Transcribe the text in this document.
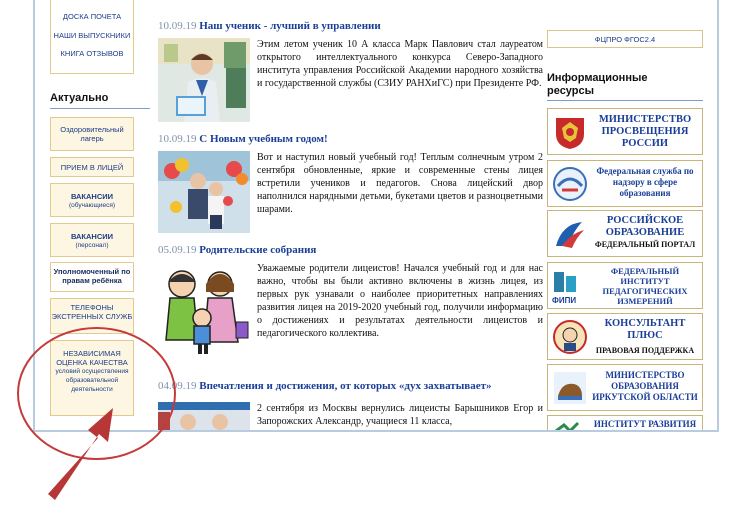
ДОСКА ПОЧЕТА
НАШИ ВЫПУСКНИКИ
КНИГА ОТЗЫВОВ
Актуально
Оздоровительный лагерь
ПРИЕМ В ЛИЦЕЙ
ВАКАНСИИ
(обучающиеся)
ВАКАНСИИ
(персонал)
Уполномоченный по правам ребёнка
ТЕЛЕФОНЫ ЭКСТРЕННЫХ СЛУЖБ
НЕЗАВИСИМАЯ ОЦЕНКА КАЧЕСТВА
условий осуществления образовательной деятельности
10.09.19 Наш ученик - лучший в управлении
Этим летом ученик 10 А класса Марк Павлович стал лауреатом открытого интеллектуального конкурса Северо-Западного института управления Российской Академии народного хозяйства и государственной службы (СЗИУ РАНХиГС) при Президенте РФ.
10.09.19 С Новым учебным годом!
Вот и наступил новый учебный год! Теплым солнечным утром 2 сентября обновленные, яркие и современные стены лицея встретили учеников и педагогов. Снова лицейский двор наполнился нарядными детьми, букетами цветов и разноцветными шарами.
05.09.19 Родительские собрания
Уважаемые родители лицеистов! Начался учебный год и для нас важно, чтобы вы были активно включены в жизнь лицея, из первых рук узнавали о наиболее приоритетных направлениях развития лицея на 2019-2020 учебный год, получили информацию о достижениях и результатах деятельности лицеистов и педагогического коллектива.
04.09.19 Впечатления и достижения, от которых «дух захватывает»
2 сентября из Москвы вернулись лицеисты Барышников Егор и Запорожских Александр, учащиеся 11 класса,
ФЦПРО ФГОС2.4
Информационные ресурсы
МИНИСТЕРСТВО ПРОСВЕЩЕНИЯ РОССИИ
Федеральная служба по надзору в сфере образования
РОССИЙСКОЕ ОБРАЗОВАНИЕ
ФЕДЕРАЛЬНЫЙ ПОРТАЛ
ФИПИ
ФЕДЕРАЛЬНЫЙ ИНСТИТУТ ПЕДАГОГИЧЕСКИХ ИЗМЕРЕНИЙ
КОНСУЛЬТАНТ ПЛЮС
ПРАВОВАЯ ПОДДЕРЖКА
МИНИСТЕРСТВО ОБРАЗОВАНИЯ ИРКУТСКОЙ ОБЛАСТИ
ИНСТИТУТ РАЗВИТИЯ
